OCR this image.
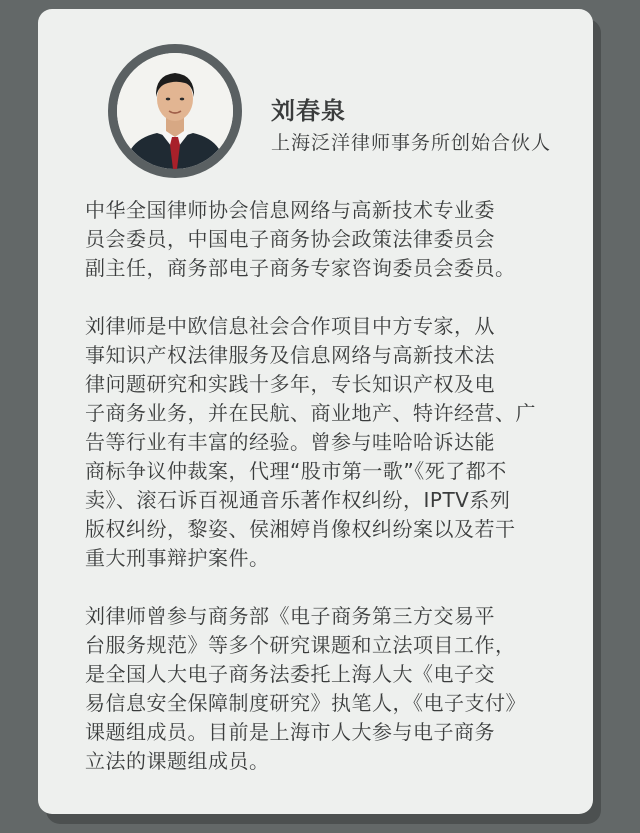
刘春泉
上海泛洋律师事务所创始合伙人
中华全国律师协会信息网络与高新技术专业委
员会委员，中国电子商务协会政策法律委员会
副主任，商务部电子商务专家咨询委员会委员。
刘律师是中欧信息社会合作项目中方专家，从
事知识产权法律服务及信息网络与高新技术法
律问题研究和实践十多年，专长知识产权及电
子商务业务，并在民航、商业地产、特许经营、广
告等行业有丰富的经验。曾参与哇哈哈诉达能
商标争议仲裁案，代理“股市第一歌”《死了都不
卖》、滚石诉百视通音乐著作权纠纷，IPTV系列
版权纠纷，黎姿、侯湘婷肖像权纠纷案以及若干
重大刑事辩护案件。
刘律师曾参与商务部《电子商务第三方交易平
台服务规范》等多个研究课题和立法项目工作，
是全国人大电子商务法委托上海人大《电子交
易信息安全保障制度研究》执笔人，《电子支付》
课题组成员。目前是上海市人大参与电子商务
立法的课题组成员。
